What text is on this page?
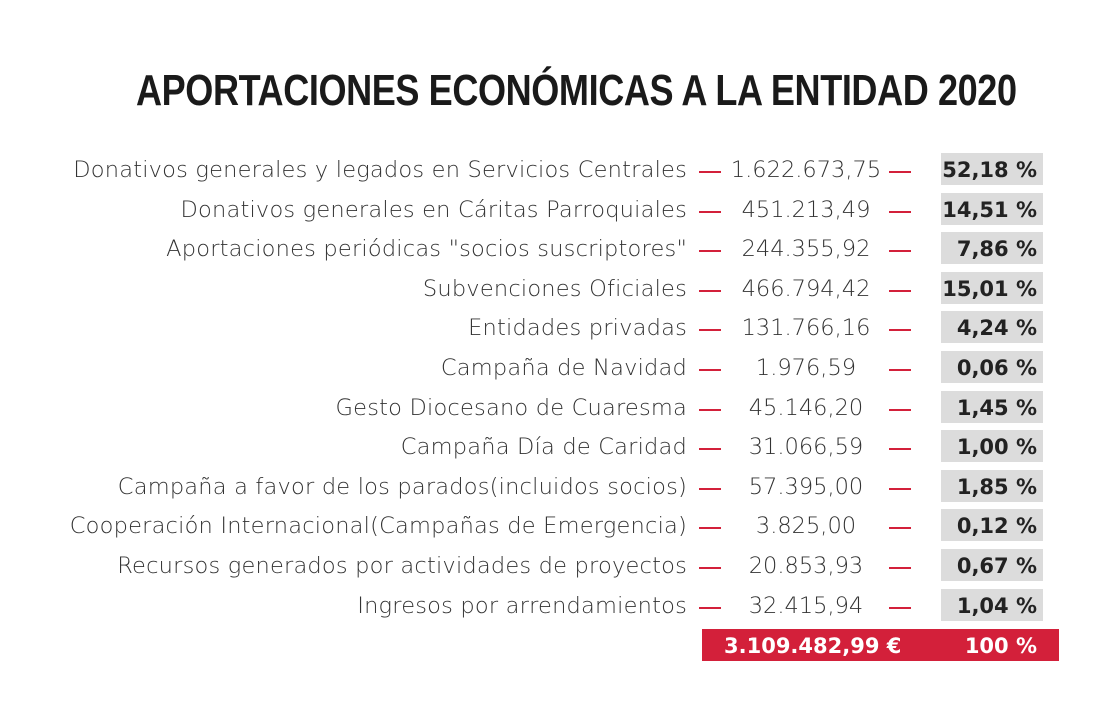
APORTACIONES ECONÓMICAS A LA ENTIDAD 2020
Donativos generales y legados en Servicios Centrales	1.622.673,75	52,18 %
Donativos generales en Cáritas Parroquiales	451.213,49	14,51 %
Aportaciones periódicas "socios suscriptores"	244.355,92	7,86 %
Subvenciones Oficiales	466.794,42	15,01 %
Entidades privadas	131.766,16	4,24 %
Campaña de Navidad	1.976,59	0,06 %
Gesto Diocesano de Cuaresma	45.146,20	1,45 %
Campaña Día de Caridad	31.066,59	1,00 %
Campaña a favor de los parados(incluidos socios)	57.395,00	1,85 %
Cooperación Internacional(Campañas de Emergencia)	3.825,00	0,12 %
Recursos generados por actividades de proyectos	20.853,93	0,67 %
Ingresos por arrendamientos	32.415,94	1,04 %
3.109.482,99 €	100 %
